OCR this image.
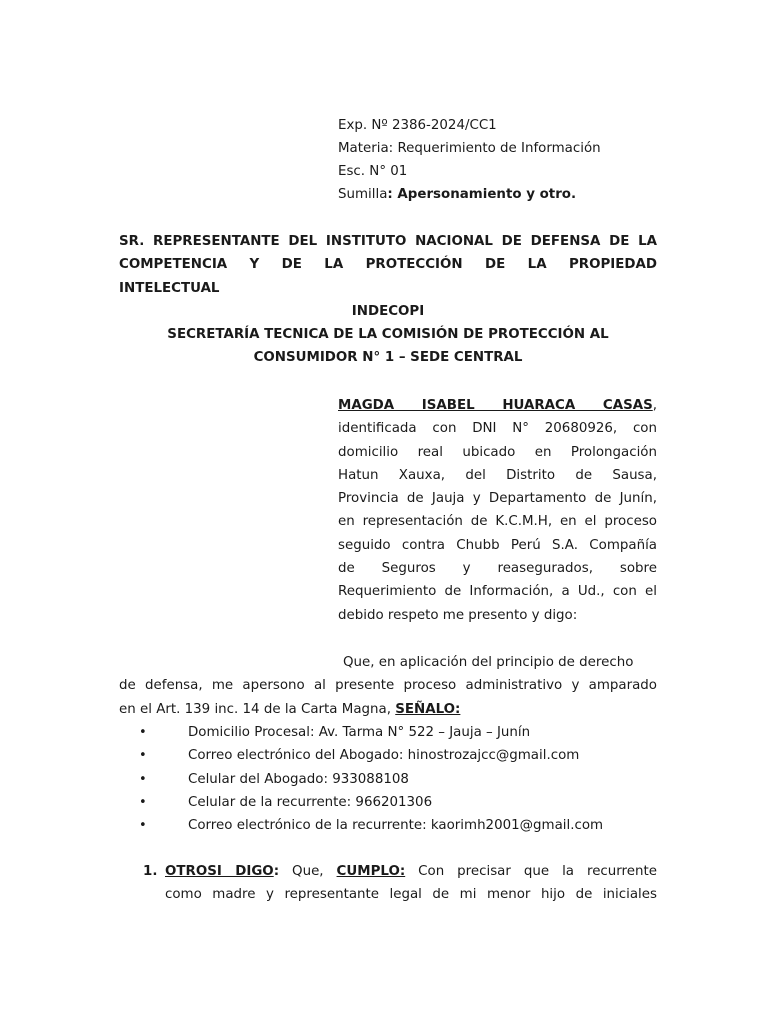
Exp. Nº 2386-2024/CC1
Materia: Requerimiento de Información
Esc. N° 01
Sumilla: Apersonamiento y otro.
SR. REPRESENTANTE DEL INSTITUTO NACIONAL DE DEFENSA DE LA
COMPETENCIA Y DE LA PROTECCIÓN DE LA PROPIEDAD
INTELECTUAL
INDECOPI
SECRETARÍA TECNICA DE LA COMISIÓN DE PROTECCIÓN AL
CONSUMIDOR N° 1 – SEDE CENTRAL
MAGDA ISABEL HUARACA CASAS,
identificada con DNI N° 20680926, con
domicilio real ubicado en Prolongación
Hatun Xauxa, del Distrito de Sausa,
Provincia de Jauja y Departamento de Junín,
en representación de K.C.M.H, en el proceso
seguido contra Chubb Perú S.A. Compañía
de Seguros y reasegurados, sobre
Requerimiento de Información, a Ud., con el
debido respeto me presento y digo:
Que, en aplicación del principio de derecho
de defensa, me apersono al presente proceso administrativo y amparado
en el Art. 139 inc. 14 de la Carta Magna, SEÑALO:
•	Domicilio Procesal: Av. Tarma N° 522 – Jauja – Junín
•	Correo electrónico del Abogado: hinostrozajcc@gmail.com
•	Celular del Abogado: 933088108
•	Celular de la recurrente: 966201306
•	Correo electrónico de la recurrente: kaorimh2001@gmail.com
1. OTROSI DIGO: Que, CUMPLO: Con precisar que la recurrente
como madre y representante legal de mi menor hijo de iniciales
